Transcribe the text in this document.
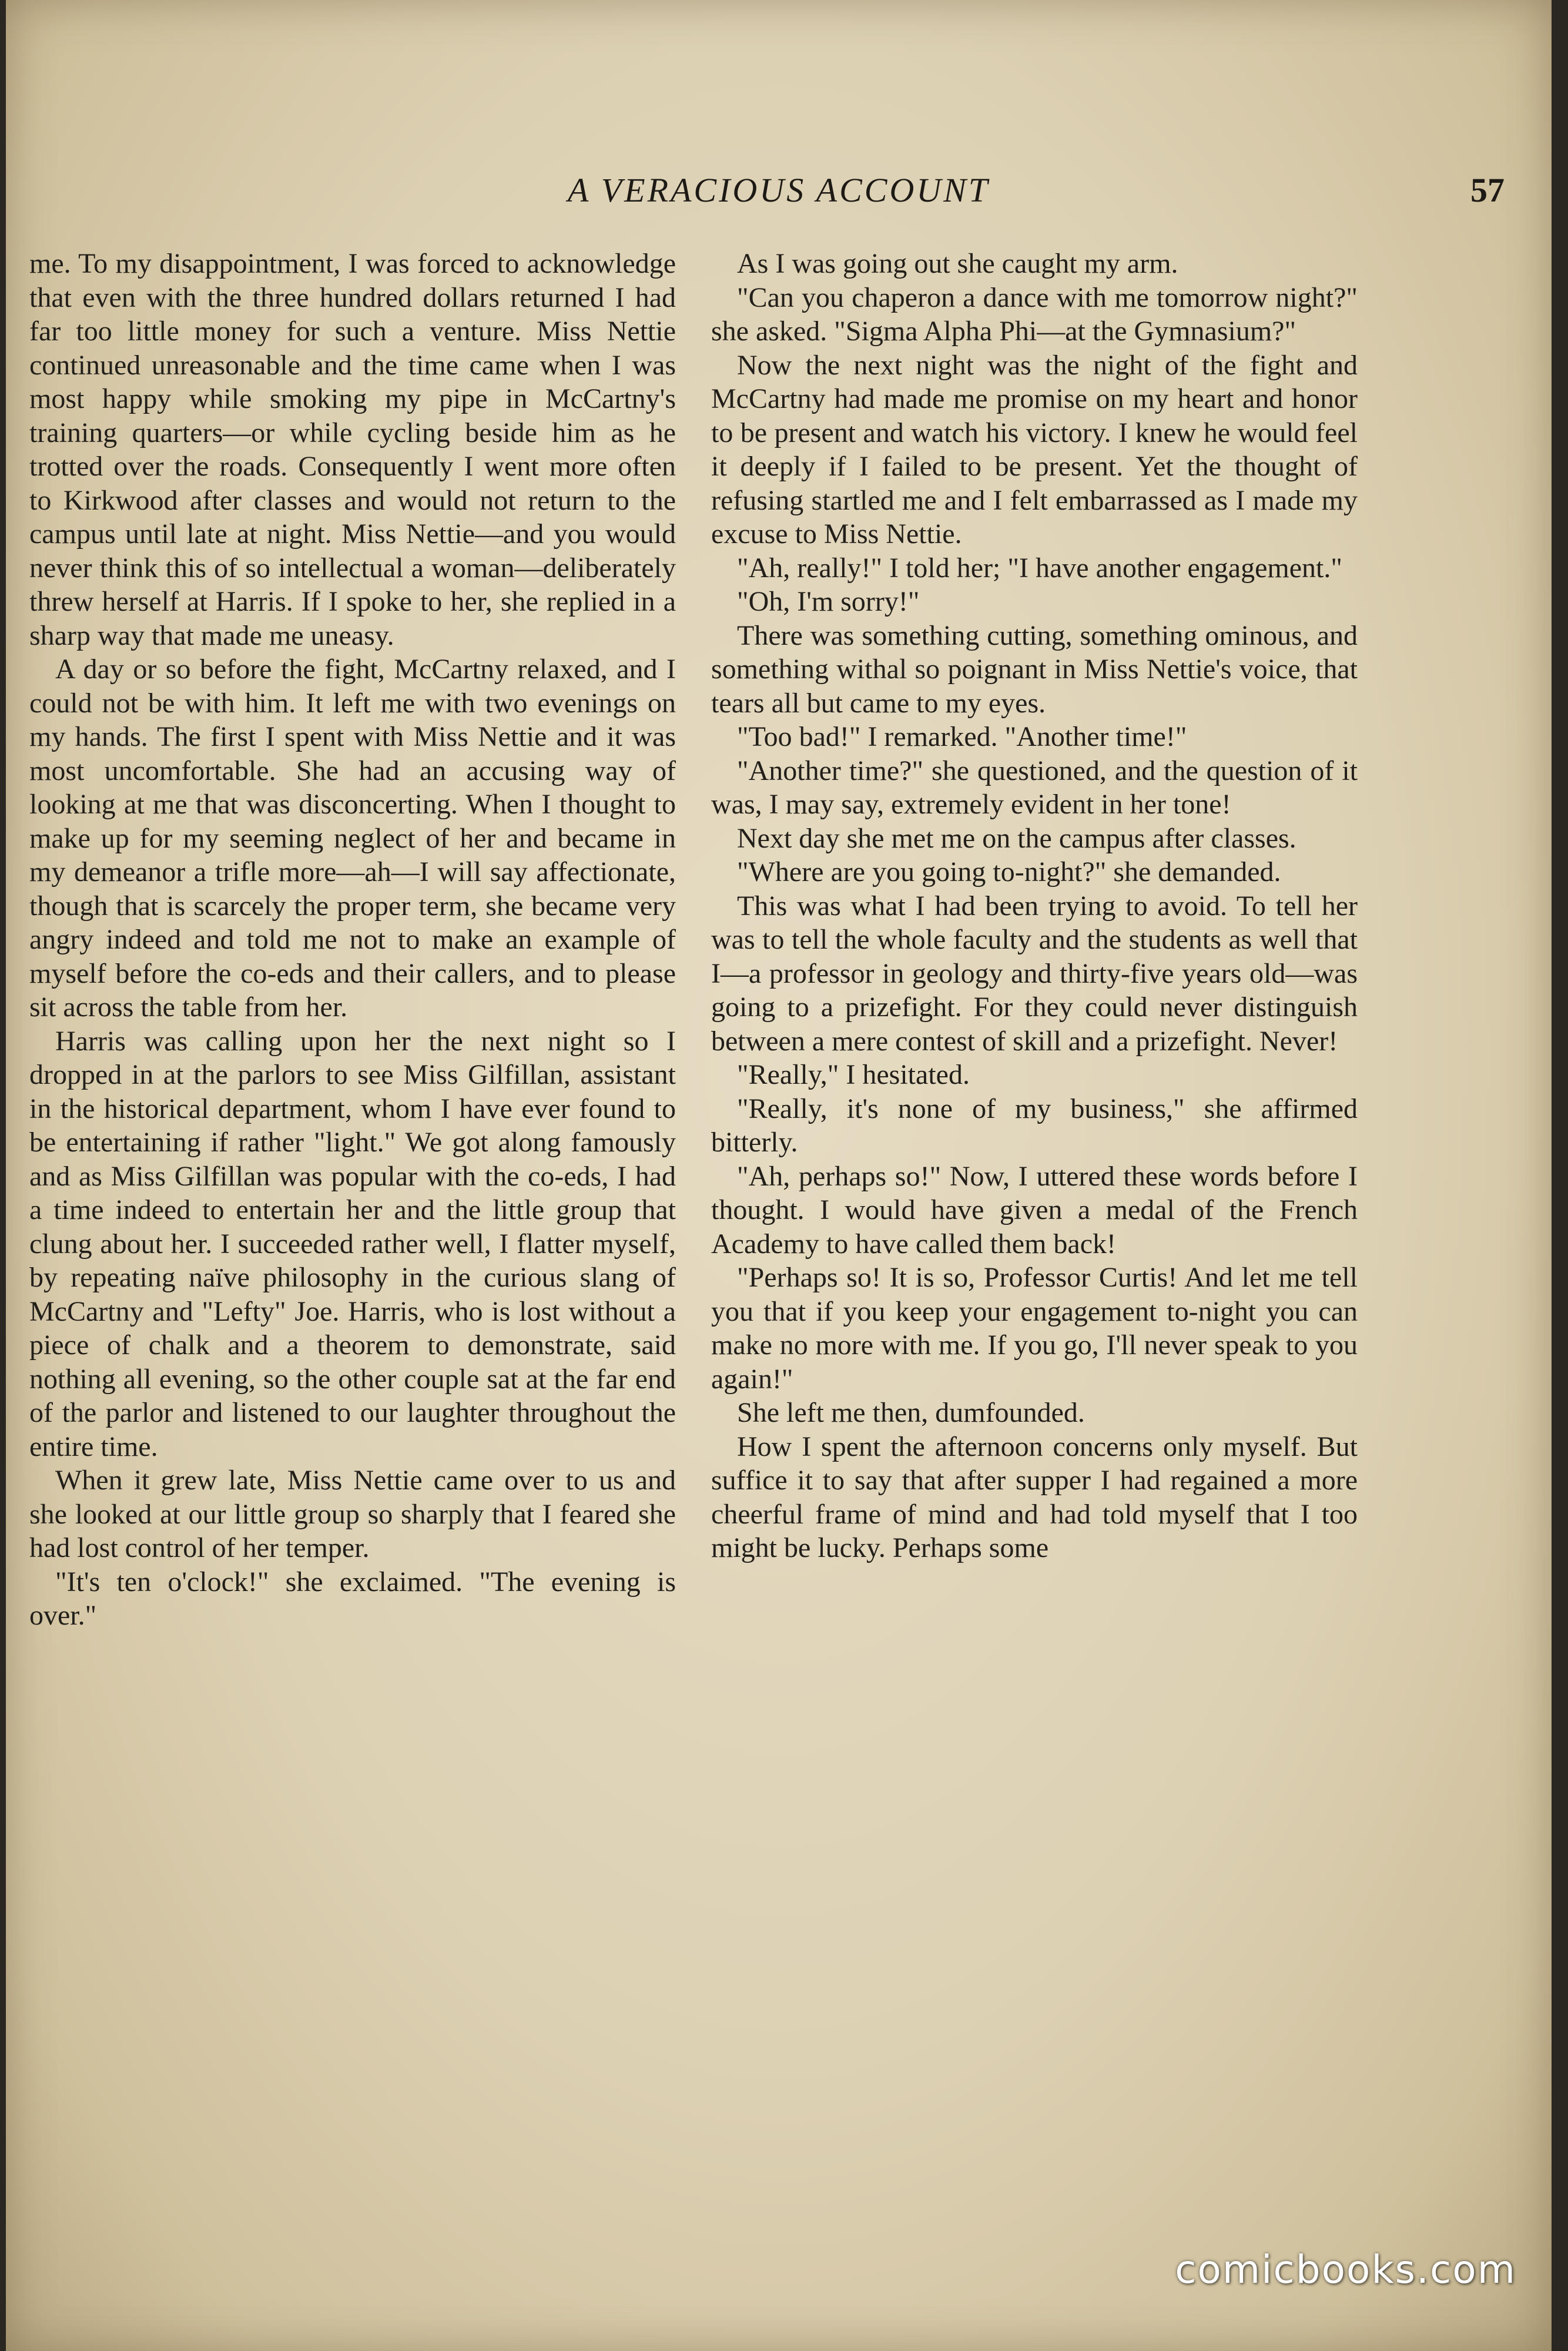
A VERACIOUS ACCOUNT	57

me. To my disappointment, I was forced to acknowledge that even with the three hundred dollars returned I had far too little money for such a venture. Miss Nettie continued unreasonable and the time came when I was most happy while smoking my pipe in McCartny's training quarters—or while cycling beside him as he trotted over the roads. Consequently I went more often to Kirkwood after classes and would not return to the campus until late at night. Miss Nettie—and you would never think this of so intellectual a woman—deliberately threw herself at Harris. If I spoke to her, she replied in a sharp way that made me uneasy.

A day or so before the fight, McCartny relaxed, and I could not be with him. It left me with two evenings on my hands. The first I spent with Miss Nettie and it was most uncomfortable. She had an accusing way of looking at me that was disconcerting. When I thought to make up for my seeming neglect of her and became in my demeanor a trifle more—ah—I will say affectionate, though that is scarcely the proper term, she became very angry indeed and told me not to make an example of myself before the co-eds and their callers, and to please sit across the table from her.

Harris was calling upon her the next night so I dropped in at the parlors to see Miss Gilfillan, assistant in the historical department, whom I have ever found to be entertaining if rather "light." We got along famously and as Miss Gilfillan was popular with the co-eds, I had a time indeed to entertain her and the little group that clung about her. I succeeded rather well, I flatter myself, by repeating naïve philosophy in the curious slang of McCartny and "Lefty" Joe. Harris, who is lost without a piece of chalk and a theorem to demonstrate, said nothing all evening, so the other couple sat at the far end of the parlor and listened to our laughter throughout the entire time.

When it grew late, Miss Nettie came over to us and she looked at our little group so sharply that I feared she had lost control of her temper.

"It's ten o'clock!" she exclaimed. "The evening is over."

As I was going out she caught my arm.

"Can you chaperon a dance with me tomorrow night?" she asked. "Sigma Alpha Phi—at the Gymnasium?"

Now the next night was the night of the fight and McCartny had made me promise on my heart and honor to be present and watch his victory. I knew he would feel it deeply if I failed to be present. Yet the thought of refusing startled me and I felt embarrassed as I made my excuse to Miss Nettie.

"Ah, really!" I told her; "I have another engagement."

"Oh, I'm sorry!"

There was something cutting, something ominous, and something withal so poignant in Miss Nettie's voice, that tears all but came to my eyes.

"Too bad!" I remarked. "Another time!"

"Another time?" she questioned, and the question of it was, I may say, extremely evident in her tone!

Next day she met me on the campus after classes.

"Where are you going to-night?" she demanded.

This was what I had been trying to avoid. To tell her was to tell the whole faculty and the students as well that I—a professor in geology and thirty-five years old—was going to a prizefight. For they could never distinguish between a mere contest of skill and a prizefight. Never!

"Really," I hesitated.

"Really, it's none of my business," she affirmed bitterly.

"Ah, perhaps so!" Now, I uttered these words before I thought. I would have given a medal of the French Academy to have called them back!

"Perhaps so! It is so, Professor Curtis! And let me tell you that if you keep your engagement to-night you can make no more with me. If you go, I'll never speak to you again!"

She left me then, dumfounded.

How I spent the afternoon concerns only myself. But suffice it to say that after supper I had regained a more cheerful frame of mind and had told myself that I too might be lucky. Perhaps some

comicbooks.com
